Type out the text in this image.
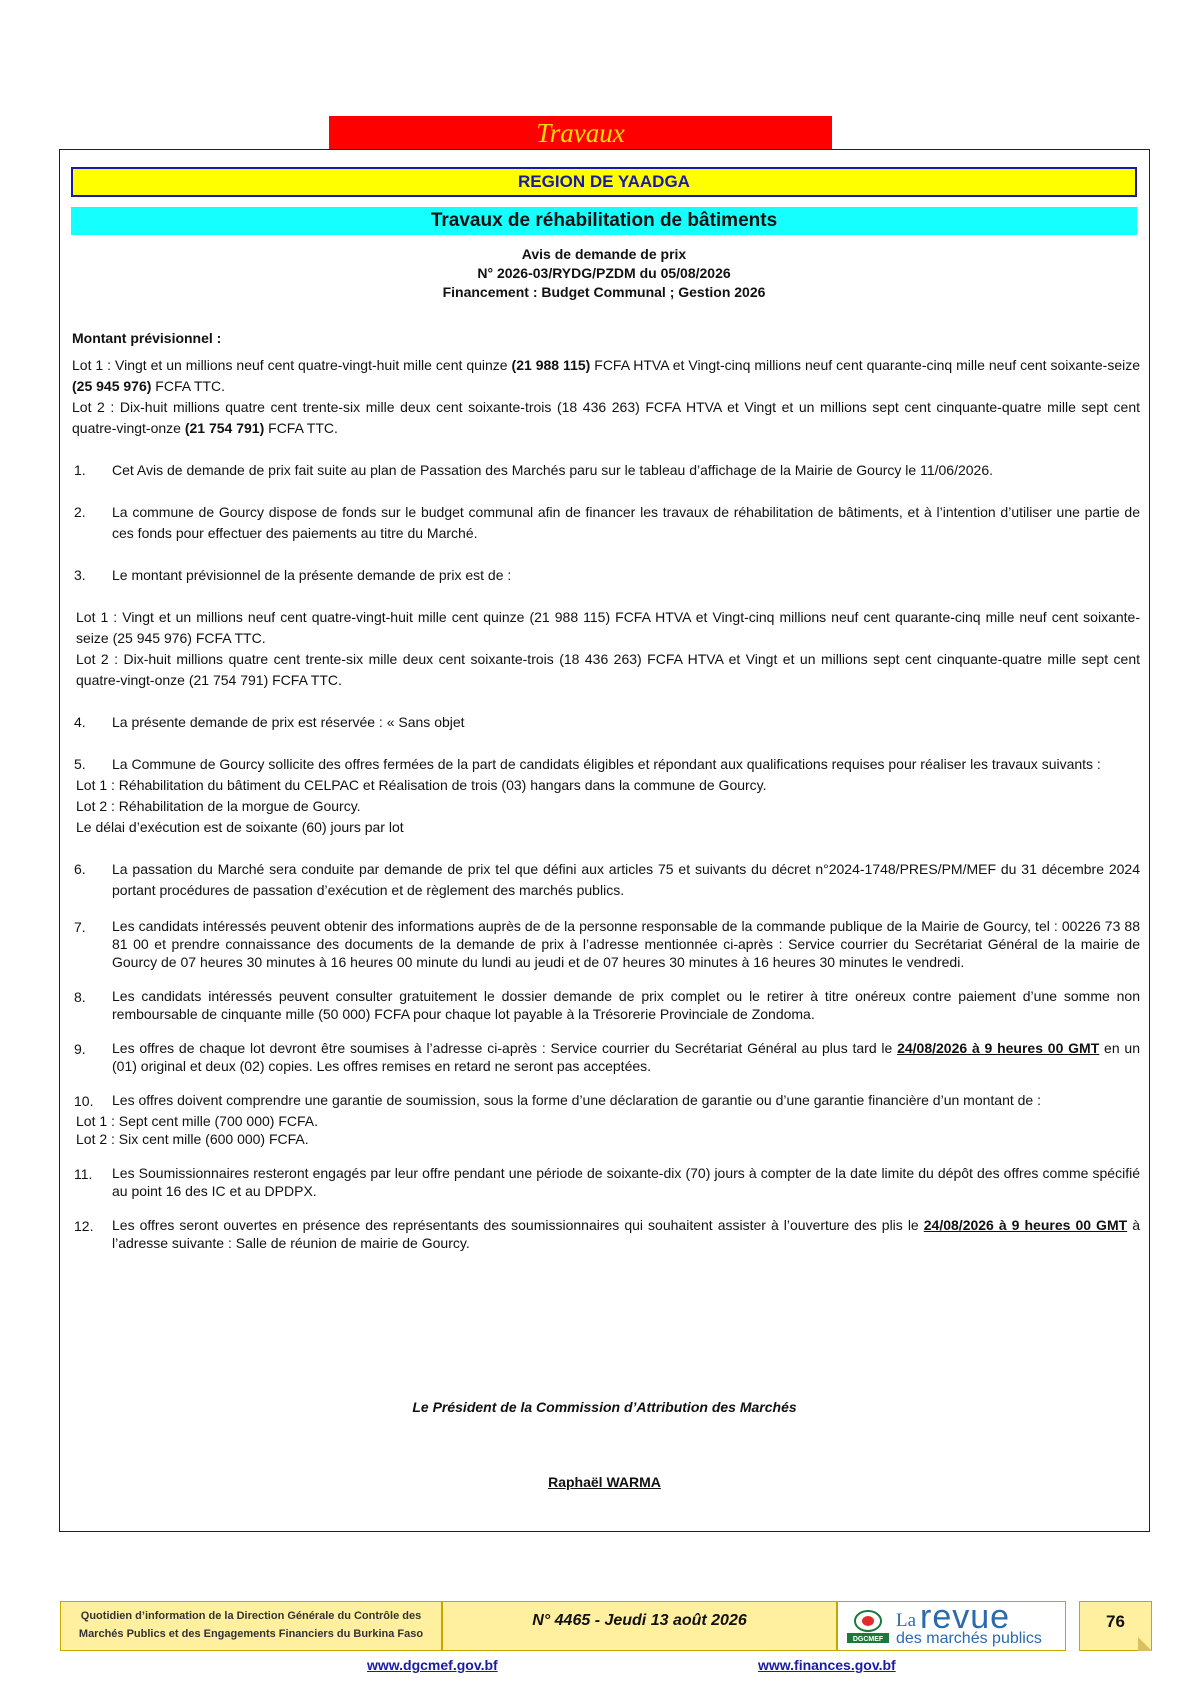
Travaux
REGION DE YAADGA
Travaux de réhabilitation de bâtiments
Avis de demande de prix
N° 2026-03/RYDG/PZDM du 05/08/2026
Financement : Budget Communal ; Gestion 2026

Montant prévisionnel :

Lot 1 : Vingt et un millions neuf cent quatre-vingt-huit mille cent quinze (21 988 115) FCFA HTVA et Vingt-cinq millions neuf cent quarante-cinq mille neuf cent soixante-seize (25 945 976) FCFA TTC.

Lot 2 : Dix-huit millions quatre cent trente-six mille deux cent soixante-trois (18 436 263) FCFA HTVA et Vingt et un millions sept cent cinquante-quatre mille sept cent quatre-vingt-onze (21 754 791) FCFA TTC.

1.	Cet Avis de demande de prix fait suite au plan de Passation des Marchés paru sur le tableau d’affichage de la Mairie de Gourcy le 11/06/2026.
2.	La commune de Gourcy dispose de fonds sur le budget communal afin de financer les travaux de réhabilitation de bâtiments, et à l’intention d’utiliser une partie de ces fonds pour effectuer des paiements au titre du Marché.
3.	Le montant prévisionnel de la présente demande de prix est de :

Lot 1 : Vingt et un millions neuf cent quatre-vingt-huit mille cent quinze (21 988 115) FCFA HTVA et Vingt-cinq millions neuf cent quarante-cinq mille neuf cent soixante-seize (25 945 976) FCFA TTC.

Lot 2 : Dix-huit millions quatre cent trente-six mille deux cent soixante-trois (18 436 263) FCFA HTVA et Vingt et un millions sept cent cinquante-quatre mille sept cent quatre-vingt-onze (21 754 791) FCFA TTC.

4.	La présente demande de prix est réservée : « Sans objet
5.	La Commune de Gourcy sollicite des offres fermées de la part de candidats éligibles et répondant aux qualifications requises pour réaliser les travaux suivants :

Lot 1 : Réhabilitation du bâtiment du CELPAC et Réalisation de trois (03) hangars dans la commune de Gourcy.

Lot 2 : Réhabilitation de la morgue de Gourcy.

Le délai d’exécution est de soixante (60) jours par lot

6.	La passation du Marché sera conduite par demande de prix tel que défini aux articles 75 et suivants du décret n°2024-1748/PRES/PM/MEF du 31 décembre 2024 portant procédures de passation d’exécution et de règlement des marchés publics.
7.	Les candidats intéressés peuvent obtenir des informations auprès de de la personne responsable de la commande publique de la Mairie de Gourcy, tel : 00226 73 88 81 00 et prendre connaissance des documents de la demande de prix à l’adresse mentionnée ci-après : Service courrier du Secrétariat Général de la mairie de Gourcy de 07 heures 30 minutes à 16 heures 00 minute du lundi au jeudi et de 07 heures 30 minutes à 16 heures 30 minutes le vendredi.
8.	Les candidats intéressés peuvent consulter gratuitement le dossier demande de prix complet ou le retirer à titre onéreux contre paiement d’une somme non remboursable de cinquante mille (50 000) FCFA pour chaque lot payable à la Trésorerie Provinciale de Zondoma.
9.	Les offres de chaque lot devront être soumises à l’adresse ci-après : Service courrier du Secrétariat Général au plus tard le 24/08/2026 à 9 heures 00 GMT en un (01) original et deux (02) copies. Les offres remises en retard ne seront pas acceptées.
10.	Les offres doivent comprendre une garantie de soumission, sous la forme d’une déclaration de garantie ou d’une garantie financière d’un montant de :

Lot 1 : Sept cent mille (700 000) FCFA.

Lot 2 : Six cent mille (600 000) FCFA.

11.	Les Soumissionnaires resteront engagés par leur offre pendant une période de soixante-dix (70) jours à compter de la date limite du dépôt des offres comme spécifié au point 16 des IC et au DPDPX.
12.	Les offres seront ouvertes en présence des représentants des soumissionnaires qui souhaitent assister à l’ouverture des plis le 24/08/2026 à 9 heures 00 GMT à l’adresse suivante : Salle de réunion de mairie de Gourcy.
Le Président de la Commission d’Attribution des Marchés
Raphaël WARMA
Quotidien d’information de la Direction Générale du Contrôle des
Marchés Publics et des Engagements Financiers du Burkina Faso
N° 4465 - Jeudi 13 août 2026
DGCMEF
La revue
des marchés publics
76
www.dgcmef.gov.bf	www.finances.gov.bf
